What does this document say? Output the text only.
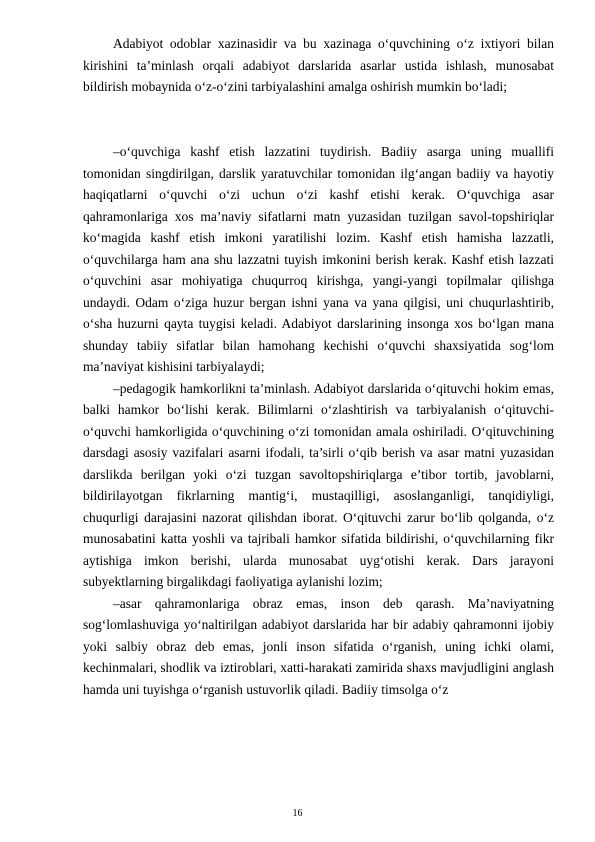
Adabiyot odoblar xazinasidir va bu xazinaga o‘quvchining o‘z ixtiyori bilan kirishini ta’minlash orqali adabiyot darslarida asarlar ustida ishlash, munosabat bildirish mobaynida o‘z-o‘zini tarbiyalashini amalga oshirish mumkin bo‘ladi;

–o‘quvchiga kashf etish lazzatini tuydirish. Badiiy asarga uning muallifi tomonidan singdirilgan, darslik yaratuvchilar tomonidan ilg‘angan badiiy va hayotiy haqiqatlarni o‘quvchi o‘zi uchun o‘zi kashf etishi kerak. O‘quvchiga asar qahramonlariga xos ma’naviy sifatlarni matn yuzasidan tuzilgan savol-topshiriqlar ko‘magida kashf etish imkoni yaratilishi lozim. Kashf etish hamisha lazzatli, o‘quvchilarga ham ana shu lazzatni tuyish imkonini berish kerak. Kashf etish lazzati o‘quvchini asar mohiyatiga chuqurroq kirishga, yangi-yangi topilmalar qilishga undaydi. Odam o‘ziga huzur bergan ishni yana va yana qilgisi, uni chuqurlashtirib, o‘sha huzurni qayta tuygisi keladi. Adabiyot darslarining insonga xos bo‘lgan mana shunday tabiiy sifatlar bilan hamohang kechishi o‘quvchi shaxsiyatida sog‘lom ma’naviyat kishisini tarbiyalaydi;

–pedagogik hamkorlikni ta’minlash. Adabiyot darslarida o‘qituvchi hokim emas, balki hamkor bo‘lishi kerak. Bilimlarni o‘zlashtirish va tarbiyalanish o‘qituvchi-o‘quvchi hamkorligida o‘quvchining o‘zi tomonidan amala oshiriladi. O‘qituvchining darsdagi asosiy vazifalari asarni ifodali, ta’sirli o‘qib berish va asar matni yuzasidan darslikda berilgan yoki o‘zi tuzgan savoltopshiriqlarga e’tibor tortib, javoblarni, bildirilayotgan fikrlarning mantig‘i, mustaqilligi, asoslanganligi, tanqidiyligi, chuqurligi darajasini nazorat qilishdan iborat. O‘qituvchi zarur bo‘lib qolganda, o‘z munosabatini katta yoshli va tajribali hamkor sifatida bildirishi, o‘quvchilarning fikr aytishiga imkon berishi, ularda munosabat uyg‘otishi kerak. Dars jarayoni subyektlarning birgalikdagi faoliyatiga aylanishi lozim;

–asar qahramonlariga obraz emas, inson deb qarash. Ma’naviyatning sog‘lomlashuviga yo‘naltirilgan adabiyot darslarida har bir adabiy qahramonni ijobiy yoki salbiy obraz deb emas, jonli inson sifatida o‘rganish, uning ichki olami, kechinmalari, shodlik va iztiroblari, xatti-harakati zamirida shaxs mavjudligini anglash hamda uni tuyishga o‘rganish ustuvorlik qiladi. Badiiy timsolga o‘z

16
